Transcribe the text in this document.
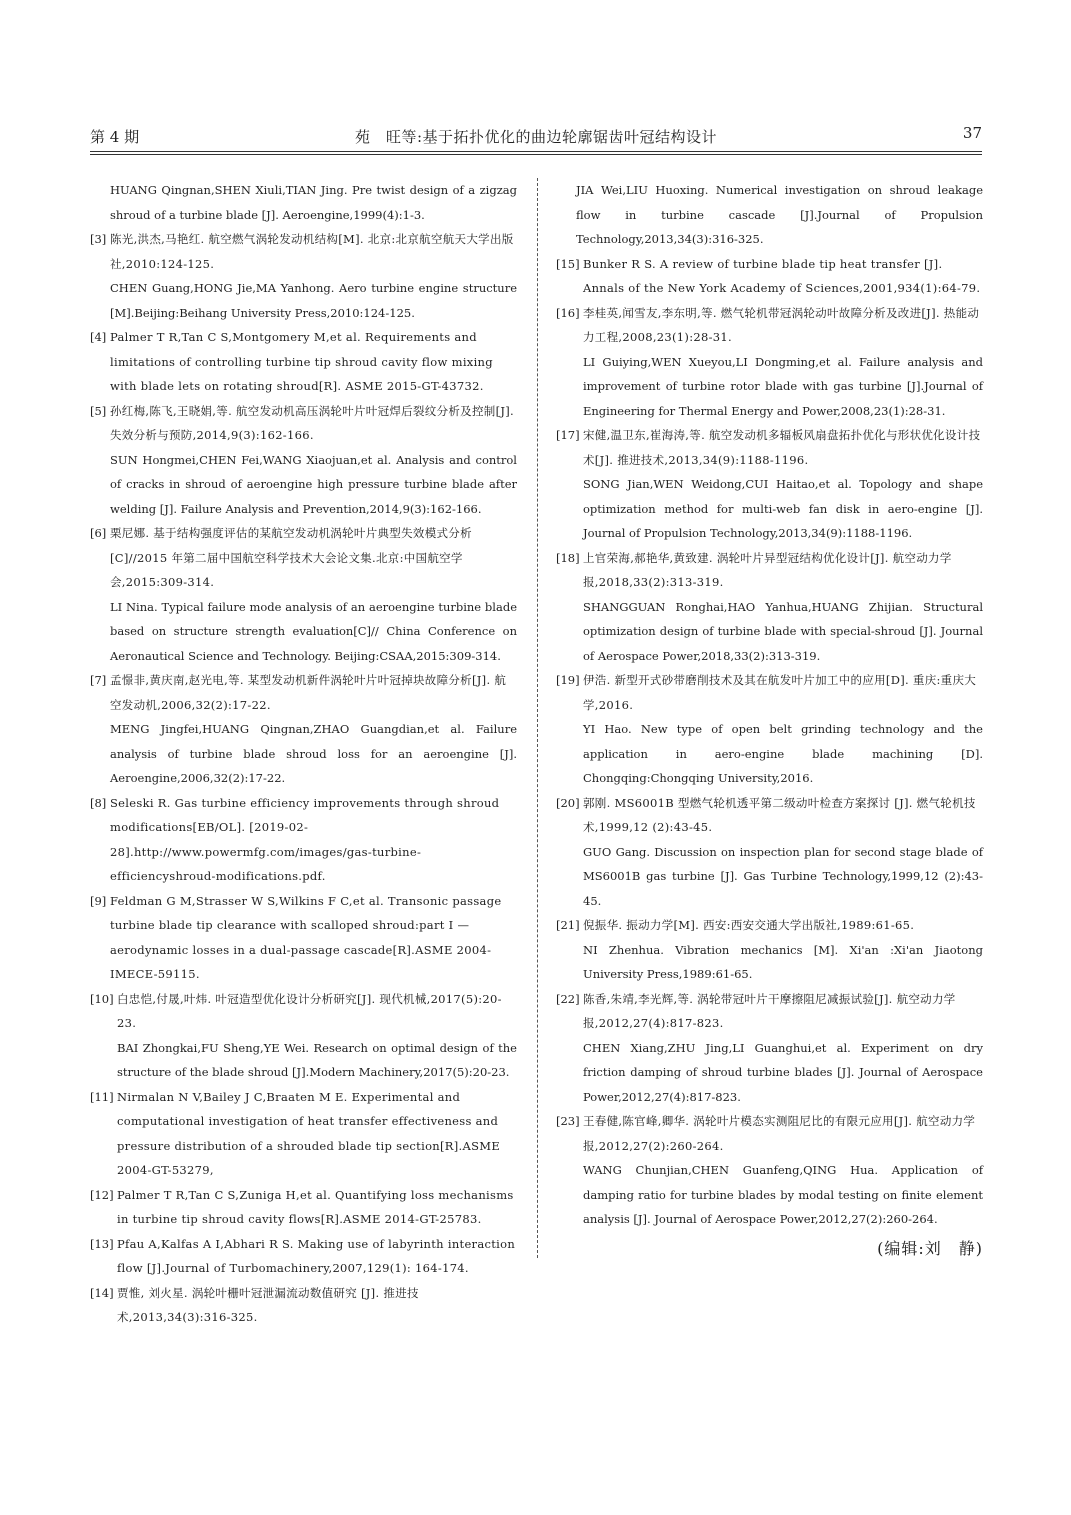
第 4 期	苑　旺等:基于拓扑优化的曲边轮廓锯齿叶冠结构设计	37
HUANG Qingnan,SHEN Xiuli,TIAN Jing. Pre twist design of a zigzag shroud of a turbine blade [J]. Aeroengine,1999(4):1-3.
[3] 陈光,洪杰,马艳红. 航空燃气涡轮发动机结构[M]. 北京:北京航空航天大学出版社,2010:124-125.
CHEN Guang,HONG Jie,MA Yanhong. Aero turbine engine structure [M].Beijing:Beihang University Press,2010:124-125.
[4] Palmer T R,Tan C S,Montgomery M,et al. Requirements and limitations of controlling turbine tip shroud cavity flow mixing with blade lets on rotating shroud[R]. ASME 2015-GT-43732.
[5] 孙红梅,陈飞,王晓娟,等. 航空发动机高压涡轮叶片叶冠焊后裂纹分析及控制[J]. 失效分析与预防,2014,9(3):162-166.
SUN Hongmei,CHEN Fei,WANG Xiaojuan,et al. Analysis and control of cracks in shroud of aeroengine high pressure turbine blade after welding [J]. Failure Analysis and Prevention,2014,9(3):162-166.
[6] 栗尼娜. 基于结构强度评估的某航空发动机涡轮叶片典型失效模式分析[C]//2015 年第二届中国航空科学技术大会论文集.北京:中国航空学会,2015:309-314.
LI Nina. Typical failure mode analysis of an aeroengine turbine blade based on structure strength evaluation[C]// China Conference on Aeronautical Science and Technology. Beijing:CSAA,2015:309-314.
[7] 孟憬非,黄庆南,赵光电,等. 某型发动机新件涡轮叶片叶冠掉块故障分析[J]. 航空发动机,2006,32(2):17-22.
MENG Jingfei,HUANG Qingnan,ZHAO Guangdian,et al. Failure analysis of turbine blade shroud loss for an aeroengine [J]. Aeroengine,2006,32(2):17-22.
[8] Seleski R. Gas turbine efficiency improvements through shroud modifications[EB/OL]. [2019-02-28].http://www.powermfg.com/images/gas-turbine-efficiencyshroud-modifications.pdf.
[9] Feldman G M,Strasser W S,Wilkins F C,et al. Transonic passage turbine blade tip clearance with scalloped shroud:part I — aerodynamic losses in a dual-passage cascade[R].ASME 2004-IMECE-59115.
[10] 白忠恺,付晟,叶炜. 叶冠造型优化设计分析研究[J]. 现代机械,2017(5):20-23.
BAI Zhongkai,FU Sheng,YE Wei. Research on optimal design of the structure of the blade shroud [J].Modern Machinery,2017(5):20-23.
[11] Nirmalan N V,Bailey J C,Braaten M E. Experimental and computational investigation of heat transfer effectiveness and pressure distribution of a shrouded blade tip section[R].ASME 2004-GT-53279,
[12] Palmer T R,Tan C S,Zuniga H,et al. Quantifying loss mechanisms in turbine tip shroud cavity flows[R].ASME 2014-GT-25783.
[13] Pfau A,Kalfas A I,Abhari R S. Making use of labyrinth interaction flow [J].Journal of Turbomachinery,2007,129(1): 164-174.
[14] 贾惟, 刘火星. 涡轮叶栅叶冠泄漏流动数值研究 [J]. 推进技术,2013,34(3):316-325.
JIA Wei,LIU Huoxing. Numerical investigation on shroud leakage flow in turbine cascade [J].Journal of Propulsion Technology,2013,34(3):316-325.
[15] Bunker R S. A review of turbine blade tip heat transfer [J]. Annals of the New York Academy of Sciences,2001,934(1):64-79.
[16] 李桂英,闻雪友,李东明,等. 燃气轮机带冠涡轮动叶故障分析及改进[J]. 热能动力工程,2008,23(1):28-31.
LI Guiying,WEN Xueyou,LI Dongming,et al. Failure analysis and improvement of turbine rotor blade with gas turbine [J].Journal of Engineering for Thermal Energy and Power,2008,23(1):28-31.
[17] 宋健,温卫东,崔海涛,等. 航空发动机多辐板风扇盘拓扑优化与形状优化设计技术[J]. 推进技术,2013,34(9):1188-1196.
SONG Jian,WEN Weidong,CUI Haitao,et al. Topology and shape optimization method for multi-web fan disk in aero-engine [J]. Journal of Propulsion Technology,2013,34(9):1188-1196.
[18] 上官荣海,郝艳华,黄致建. 涡轮叶片异型冠结构优化设计[J]. 航空动力学报,2018,33(2):313-319.
SHANGGUAN Ronghai,HAO Yanhua,HUANG Zhijian. Structural optimization design of turbine blade with special-shroud [J]. Journal of Aerospace Power,2018,33(2):313-319.
[19] 伊浩. 新型开式砂带磨削技术及其在航发叶片加工中的应用[D]. 重庆:重庆大学,2016.
YI Hao. New type of open belt grinding technology and the application in aero-engine blade machining [D]. Chongqing:Chongqing University,2016.
[20] 郭刚. MS6001B 型燃气轮机透平第二级动叶检查方案探讨 [J]. 燃气轮机技术,1999,12 (2):43-45.
GUO Gang. Discussion on inspection plan for second stage blade of MS6001B gas turbine [J]. Gas Turbine Technology,1999,12 (2):43-45.
[21] 倪振华. 振动力学[M]. 西安:西安交通大学出版社,1989:61-65.
NI Zhenhua. Vibration mechanics [M]. Xi'an :Xi'an Jiaotong University Press,1989:61-65.
[22] 陈香,朱靖,李光辉,等. 涡轮带冠叶片干摩擦阻尼减振试验[J]. 航空动力学报,2012,27(4):817-823.
CHEN Xiang,ZHU Jing,LI Guanghui,et al. Experiment on dry friction damping of shroud turbine blades [J]. Journal of Aerospace Power,2012,27(4):817-823.
[23] 王春健,陈官峰,卿华. 涡轮叶片模态实测阻尼比的有限元应用[J]. 航空动力学报,2012,27(2):260-264.
WANG Chunjian,CHEN Guanfeng,QING Hua. Application of damping ratio for turbine blades by modal testing on finite element analysis [J]. Journal of Aerospace Power,2012,27(2):260-264.
(编辑:刘　静)
